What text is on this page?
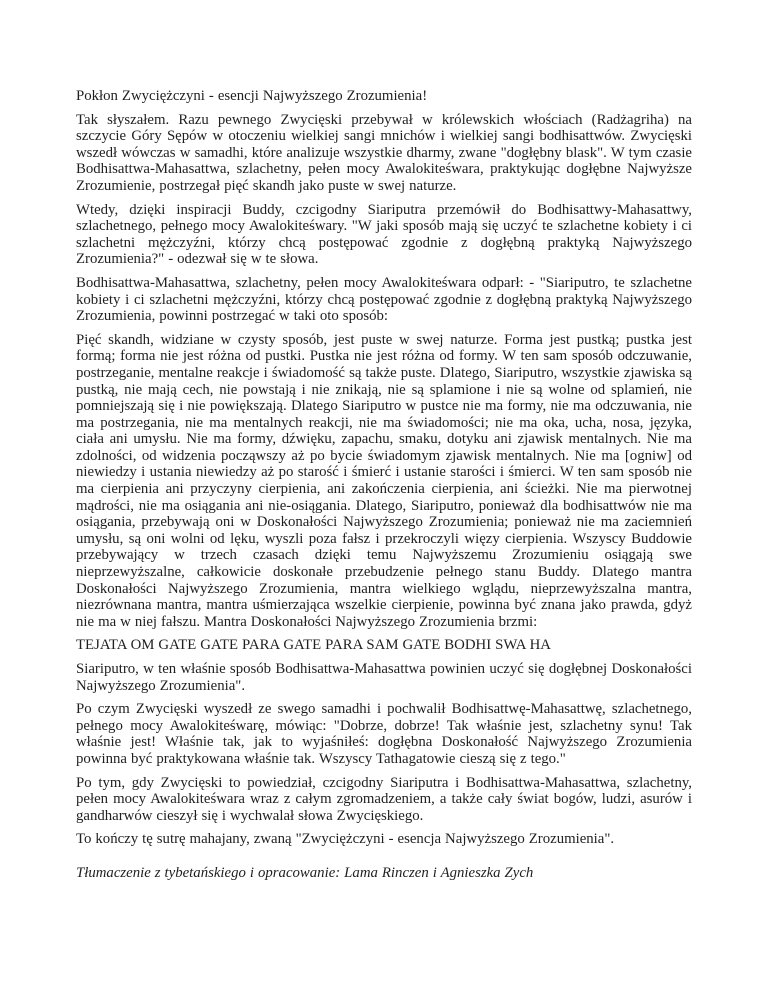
Pokłon Zwyciężczyni - esencji Najwyższego Zrozumienia!

Tak słyszałem. Razu pewnego Zwycięski przebywał w królewskich włościach (Radżagriha) na szczycie Góry Sępów w otoczeniu wielkiej sangi mnichów i wielkiej sangi bodhisattwów. Zwycięski wszedł wówczas w samadhi, które analizuje wszystkie dharmy, zwane "dogłębny blask". W tym czasie Bodhisattwa-Mahasattwa, szlachetny, pełen mocy Awalokiteśwara, praktykując dogłębne Najwyższe Zrozumienie, postrzegał pięć skandh jako puste w swej naturze.

Wtedy, dzięki inspiracji Buddy, czcigodny Siariputra przemówił do Bodhisattwy-Mahasattwy, szlachetnego, pełnego mocy Awalokiteśwary. "W jaki sposób mają się uczyć te szlachetne kobiety i ci szlachetni mężczyźni, którzy chcą postępować zgodnie z dogłębną praktyką Najwyższego Zrozumienia?" - odezwał się w te słowa.

Bodhisattwa-Mahasattwa, szlachetny, pełen mocy Awalokiteśwara odparł: - "Siariputro, te szlachetne kobiety i ci szlachetni mężczyźni, którzy chcą postępować zgodnie z dogłębną praktyką Najwyższego Zrozumienia, powinni postrzegać w taki oto sposób:

Pięć skandh, widziane w czysty sposób, jest puste w swej naturze. Forma jest pustką; pustka jest formą; forma nie jest różna od pustki. Pustka nie jest różna od formy. W ten sam sposób odczuwanie, postrzeganie, mentalne reakcje i świadomość są także puste. Dlatego, Siariputro, wszystkie zjawiska są pustką, nie mają cech, nie powstają i nie znikają, nie są splamione i nie są wolne od splamień, nie pomniejszają się i nie powiększają. Dlatego Siariputro w pustce nie ma formy, nie ma odczuwania, nie ma postrzegania, nie ma mentalnych reakcji, nie ma świadomości; nie ma oka, ucha, nosa, języka, ciała ani umysłu. Nie ma formy, dźwięku, zapachu, smaku, dotyku ani zjawisk mentalnych. Nie ma zdolności, od widzenia począwszy aż po bycie świadomym zjawisk mentalnych. Nie ma [ogniw] od niewiedzy i ustania niewiedzy aż po starość i śmierć i ustanie starości i śmierci. W ten sam sposób nie ma cierpienia ani przyczyny cierpienia, ani zakończenia cierpienia, ani ścieżki. Nie ma pierwotnej mądrości, nie ma osiągania ani nie-osiągania. Dlatego, Siariputro, ponieważ dla bodhisattwów nie ma osiągania, przebywają oni w Doskonałości Najwyższego Zrozumienia; ponieważ nie ma zaciemnień umysłu, są oni wolni od lęku, wyszli poza fałsz i przekroczyli więzy cierpienia. Wszyscy Buddowie przebywający w trzech czasach dzięki temu Najwyższemu Zrozumieniu osiągają swe nieprzewyższalne, całkowicie doskonałe przebudzenie pełnego stanu Buddy. Dlatego mantra Doskonałości Najwyższego Zrozumienia, mantra wielkiego wglądu, nieprzewyższalna mantra, niezrównana mantra, mantra uśmierzająca wszelkie cierpienie, powinna być znana jako prawda, gdyż nie ma w niej fałszu. Mantra Doskonałości Najwyższego Zrozumienia brzmi:

TEJATA OM GATE GATE PARA GATE PARA SAM GATE BODHI SWA HA

Siariputro, w ten właśnie sposób Bodhisattwa-Mahasattwa powinien uczyć się dogłębnej Doskonałości Najwyższego Zrozumienia".

Po czym Zwycięski wyszedł ze swego samadhi i pochwalił Bodhisattwę-Mahasattwę, szlachetnego, pełnego mocy Awalokiteśwarę, mówiąc: "Dobrze, dobrze! Tak właśnie jest, szlachetny synu! Tak właśnie jest! Właśnie tak, jak to wyjaśniłeś: dogłębna Doskonałość Najwyższego Zrozumienia powinna być praktykowana właśnie tak. Wszyscy Tathagatowie cieszą się z tego."

Po tym, gdy Zwycięski to powiedział, czcigodny Siariputra i Bodhisattwa-Mahasattwa, szlachetny, pełen mocy Awalokiteśwara wraz z całym zgromadzeniem, a także cały świat bogów, ludzi, asurów i gandharwów cieszył się i wychwalał słowa Zwycięskiego.

To kończy tę sutrę mahajany, zwaną "Zwyciężczyni - esencja Najwyższego Zrozumienia".

Tłumaczenie z tybetańskiego i opracowanie: Lama Rinczen i Agnieszka Zych
